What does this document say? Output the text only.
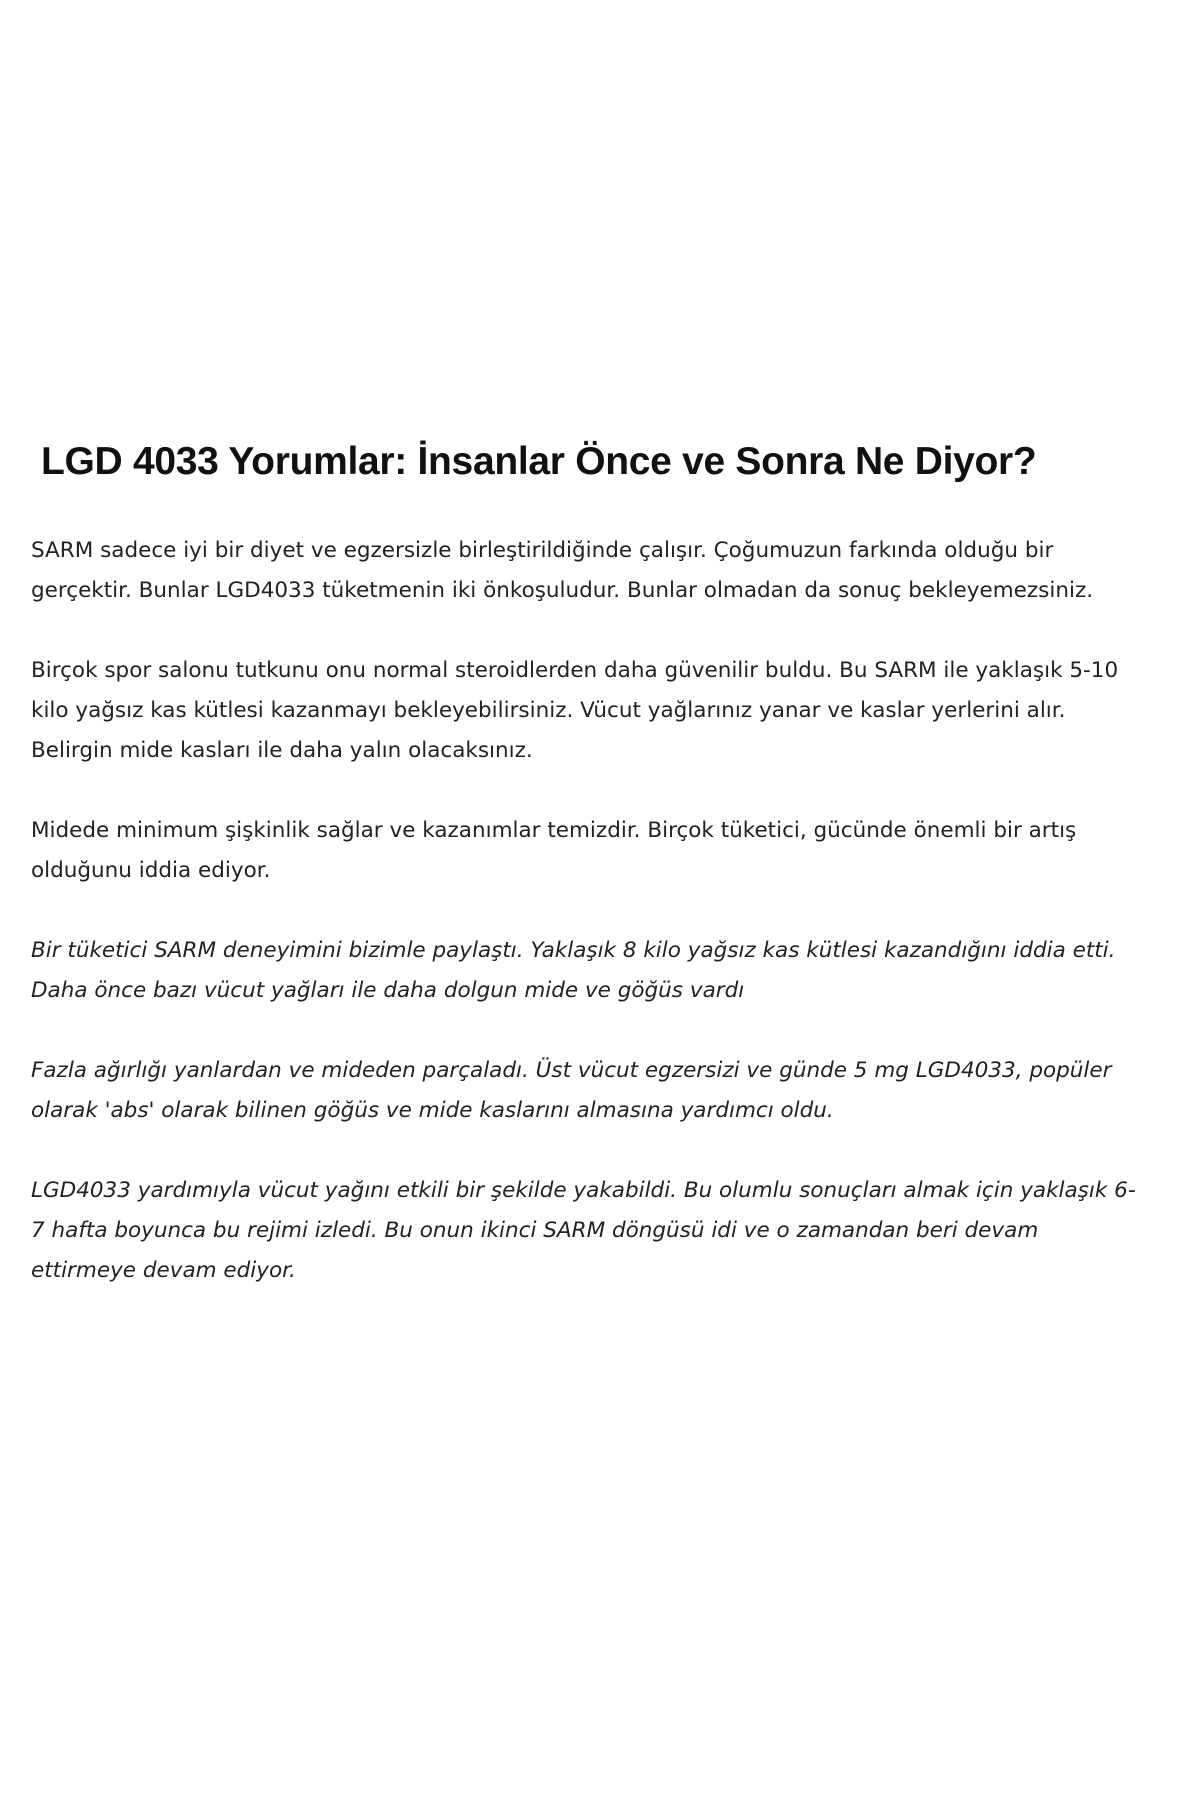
LGD 4033 Yorumlar: İnsanlar Önce ve Sonra Ne Diyor?

SARM sadece iyi bir diyet ve egzersizle birleştirildiğinde çalışır. Çoğumuzun farkında olduğu bir gerçektir. Bunlar LGD4033 tüketmenin iki önkoşuludur. Bunlar olmadan da sonuç bekleyemezsiniz.

Birçok spor salonu tutkunu onu normal steroidlerden daha güvenilir buldu. Bu SARM ile yaklaşık 5-10 kilo yağsız kas kütlesi kazanmayı bekleyebilirsiniz. Vücut yağlarınız yanar ve kaslar yerlerini alır. Belirgin mide kasları ile daha yalın olacaksınız.

Midede minimum şişkinlik sağlar ve kazanımlar temizdir. Birçok tüketici, gücünde önemli bir artış olduğunu iddia ediyor.

Bir tüketici SARM deneyimini bizimle paylaştı. Yaklaşık 8 kilo yağsız kas kütlesi kazandığını iddia etti. Daha önce bazı vücut yağları ile daha dolgun mide ve göğüs vardı

Fazla ağırlığı yanlardan ve mideden parçaladı. Üst vücut egzersizi ve günde 5 mg LGD4033, popüler olarak 'abs' olarak bilinen göğüs ve mide kaslarını almasına yardımcı oldu.

LGD4033 yardımıyla vücut yağını etkili bir şekilde yakabildi. Bu olumlu sonuçları almak için yaklaşık 6-7 hafta boyunca bu rejimi izledi. Bu onun ikinci SARM döngüsü idi ve o zamandan beri devam ettirmeye devam ediyor.
